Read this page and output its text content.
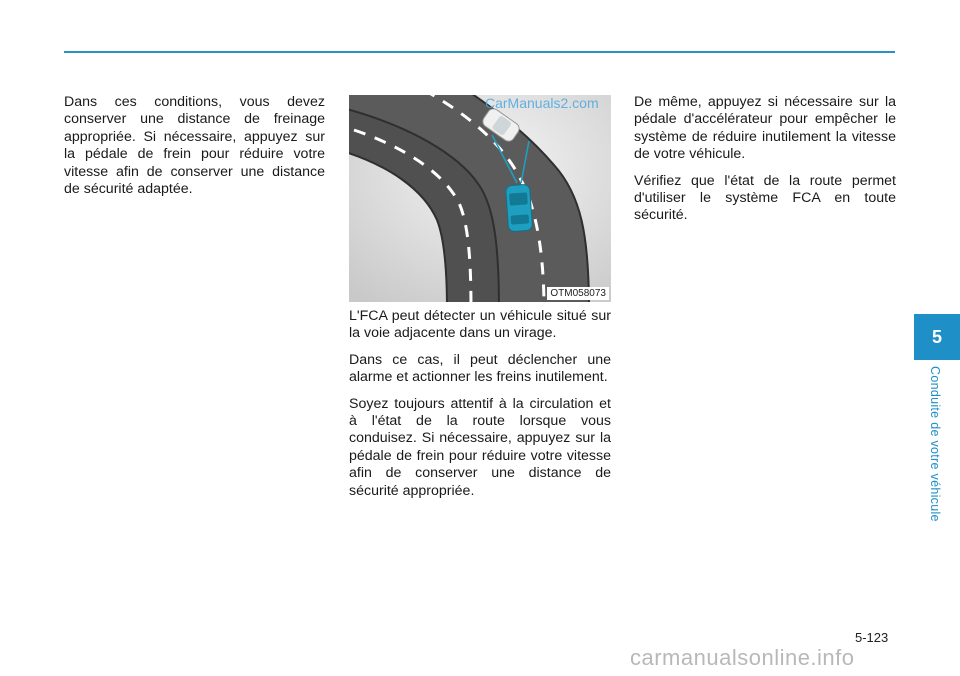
Dans ces conditions, vous devez conserver une distance de freinage appropriée. Si nécessaire, appuyez sur la pédale de frein pour réduire votre vitesse afin de conserver une distance de sécurité adaptée.

CarManuals2.com
OTM058073

L'FCA peut détecter un véhicule situé sur la voie adjacente dans un virage.

Dans ce cas, il peut déclencher une alarme et actionner les freins inutilement.

Soyez toujours attentif à la circulation et à l'état de la route lorsque vous conduisez. Si nécessaire, appuyez sur la pédale de frein pour réduire votre vitesse afin de conserver une distance de sécurité appropriée.

De même, appuyez si nécessaire sur la pédale d'accélérateur pour empêcher le système de réduire inutilement la vitesse de votre véhicule.

Vérifiez que l'état de la route permet d'utiliser le système FCA en toute sécurité.

5
Conduite de votre véhicule
5-123
carmanualsonline.info
